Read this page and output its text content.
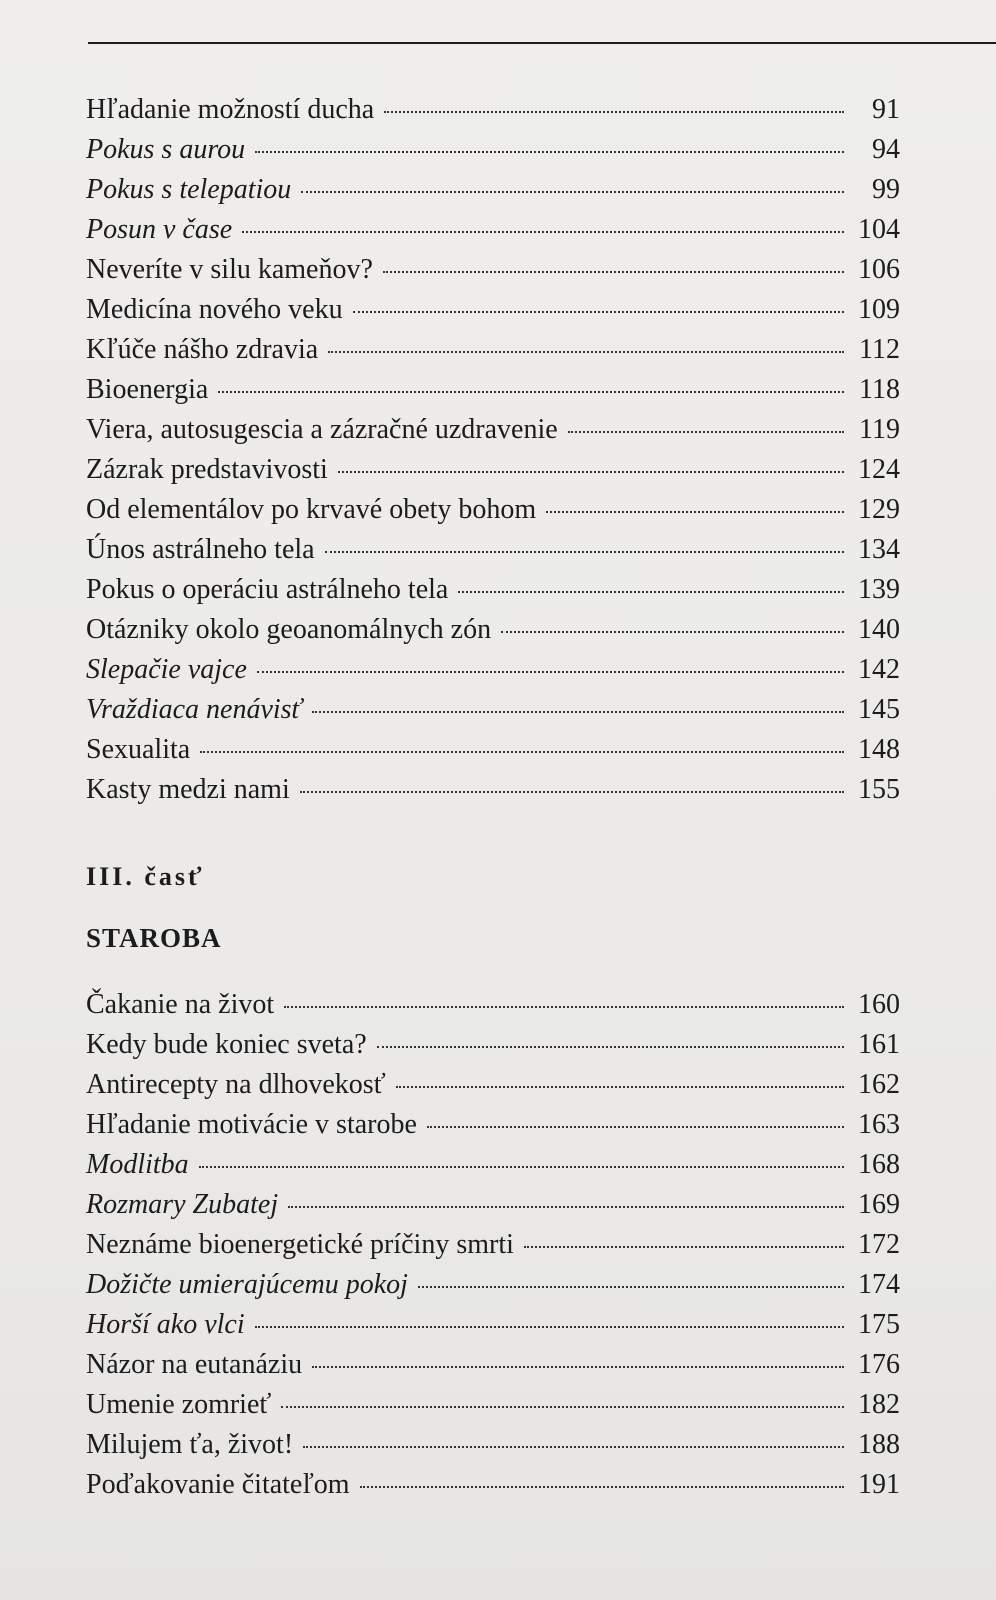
Hľadanie možností ducha	91
Pokus s aurou	94
Pokus s telepatiou	99
Posun v čase	104
Neveríte v silu kameňov?	106
Medicína nového veku	109
Kľúče nášho zdravia	112
Bioenergia	118
Viera, autosugescia a zázračné uzdravenie	119
Zázrak predstavivosti	124
Od elementálov po krvavé obety bohom	129
Únos astrálneho tela	134
Pokus o operáciu astrálneho tela	139
Otázniky okolo geoanomálnych zón	140
Slepačie vajce	142
Vraždiaca nenávisť	145
Sexualita	148
Kasty medzi nami	155
III. časť
STAROBA
Čakanie na život	160
Kedy bude koniec sveta?	161
Antirecepty na dlhovekosť	162
Hľadanie motivácie v starobe	163
Modlitba	168
Rozmary Zubatej	169
Neznáme bioenergetické príčiny smrti	172
Dožičte umierajúcemu pokoj	174
Horší ako vlci	175
Názor na eutanáziu	176
Umenie zomrieť	182
Milujem ťa, život!	188
Poďakovanie čitateľom	191
